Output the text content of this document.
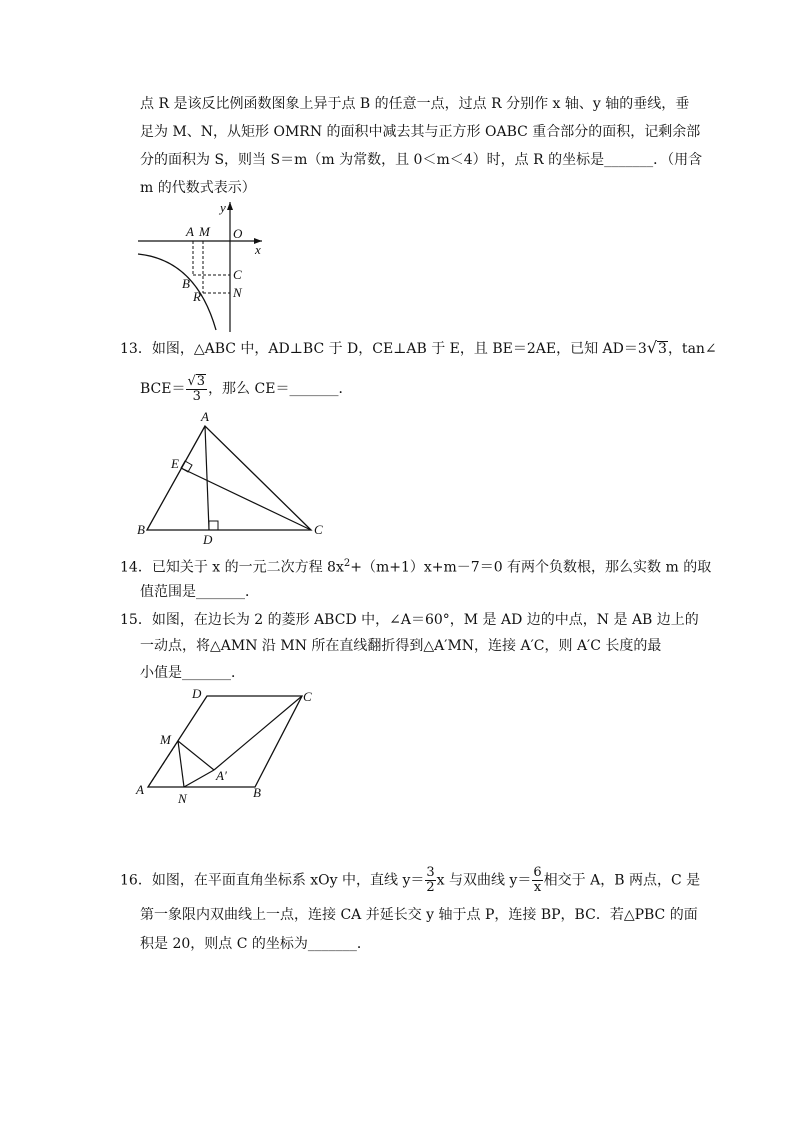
点 R 是该反比例函数图象上异于点 B 的任意一点，过点 R 分别作 x 轴、y 轴的垂线，垂
足为 M、N，从矩形 OMRN 的面积中减去其与正方形 OABC 重合部分的面积，记剩余部
分的面积为 S，则当 S＝m（m 为常数，且 0＜m＜4）时，点 R 的坐标是_______．（用含
m 的代数式表示）
y
x
O
A M
C
B
R N
13．如图，△ABC 中，AD⊥BC 于 D，CE⊥AB 于 E，且 BE＝2AE，已知 AD＝3√3，tan∠
$BCE= \frac{√3}{3}$ ，那么 CE＝_______．
A
E
B
D
C
14．已知关于 x 的一元二次方程 $8x^2+(m+1)x+m-7=0$ 有两个负数根，那么实数 m 的取
值范围是_______．
15．如图，在边长为 2 的菱形 ABCD 中，∠A＝60°，M 是 AD 边的中点，N 是 AB 边上的
一动点，将△AMN 沿 MN 所在直线翻折得到△A′MN，连接 A′C，则 A′C 长度的最
小值是_______．
D	C
M
A′
A
N	B
16．如图，在平面直角坐标系 xOy 中，直线 $y= \frac{3}{2}$ x 与双曲线 $y= \frac{6}{x}$ 相交于 A，B 两点，C 是
第一象限内双曲线上一点，连接 CA 并延长交 y 轴于点 P，连接 BP，BC．若△PBC 的面
积是 20，则点 C 的坐标为_______．
